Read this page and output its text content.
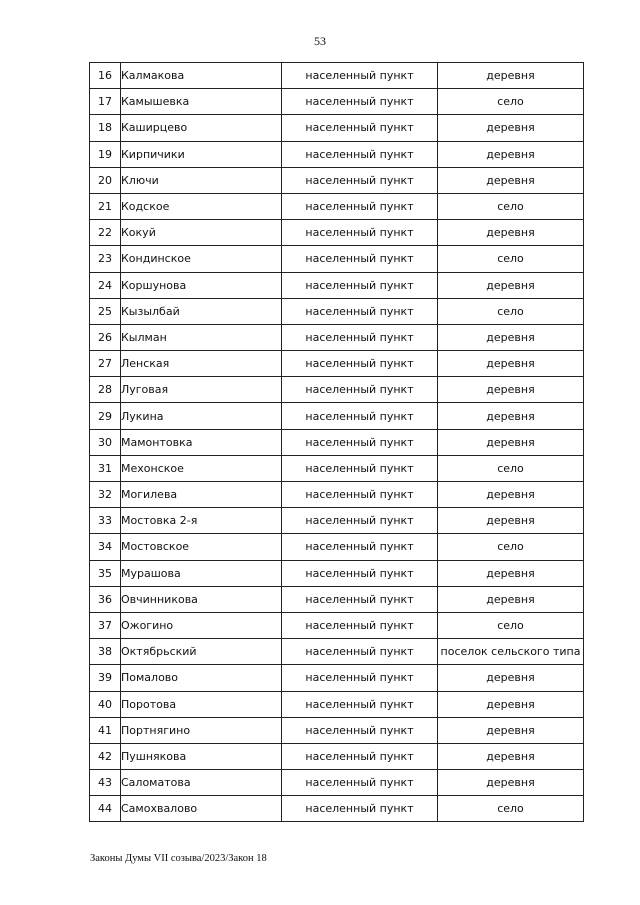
53
16	Калмакова	населенный пункт	деревня
17	Камышевка	населенный пункт	село
18	Каширцево	населенный пункт	деревня
19	Кирпичики	населенный пункт	деревня
20	Ключи	населенный пункт	деревня
21	Кодское	населенный пункт	село
22	Кокуй	населенный пункт	деревня
23	Кондинское	населенный пункт	село
24	Коршунова	населенный пункт	деревня
25	Кызылбай	населенный пункт	село
26	Кылман	населенный пункт	деревня
27	Ленская	населенный пункт	деревня
28	Луговая	населенный пункт	деревня
29	Лукина	населенный пункт	деревня
30	Мамонтовка	населенный пункт	деревня
31	Мехонское	населенный пункт	село
32	Могилева	населенный пункт	деревня
33	Мостовка 2-я	населенный пункт	деревня
34	Мостовское	населенный пункт	село
35	Мурашова	населенный пункт	деревня
36	Овчинникова	населенный пункт	деревня
37	Ожогино	населенный пункт	село
38	Октябрьский	населенный пункт	поселок сельского типа
39	Помалово	населенный пункт	деревня
40	Поротова	населенный пункт	деревня
41	Портнягино	населенный пункт	деревня
42	Пушнякова	населенный пункт	деревня
43	Саломатова	населенный пункт	деревня
44	Самохвалово	населенный пункт	село
Законы Думы VII созыва/2023/Закон 18
